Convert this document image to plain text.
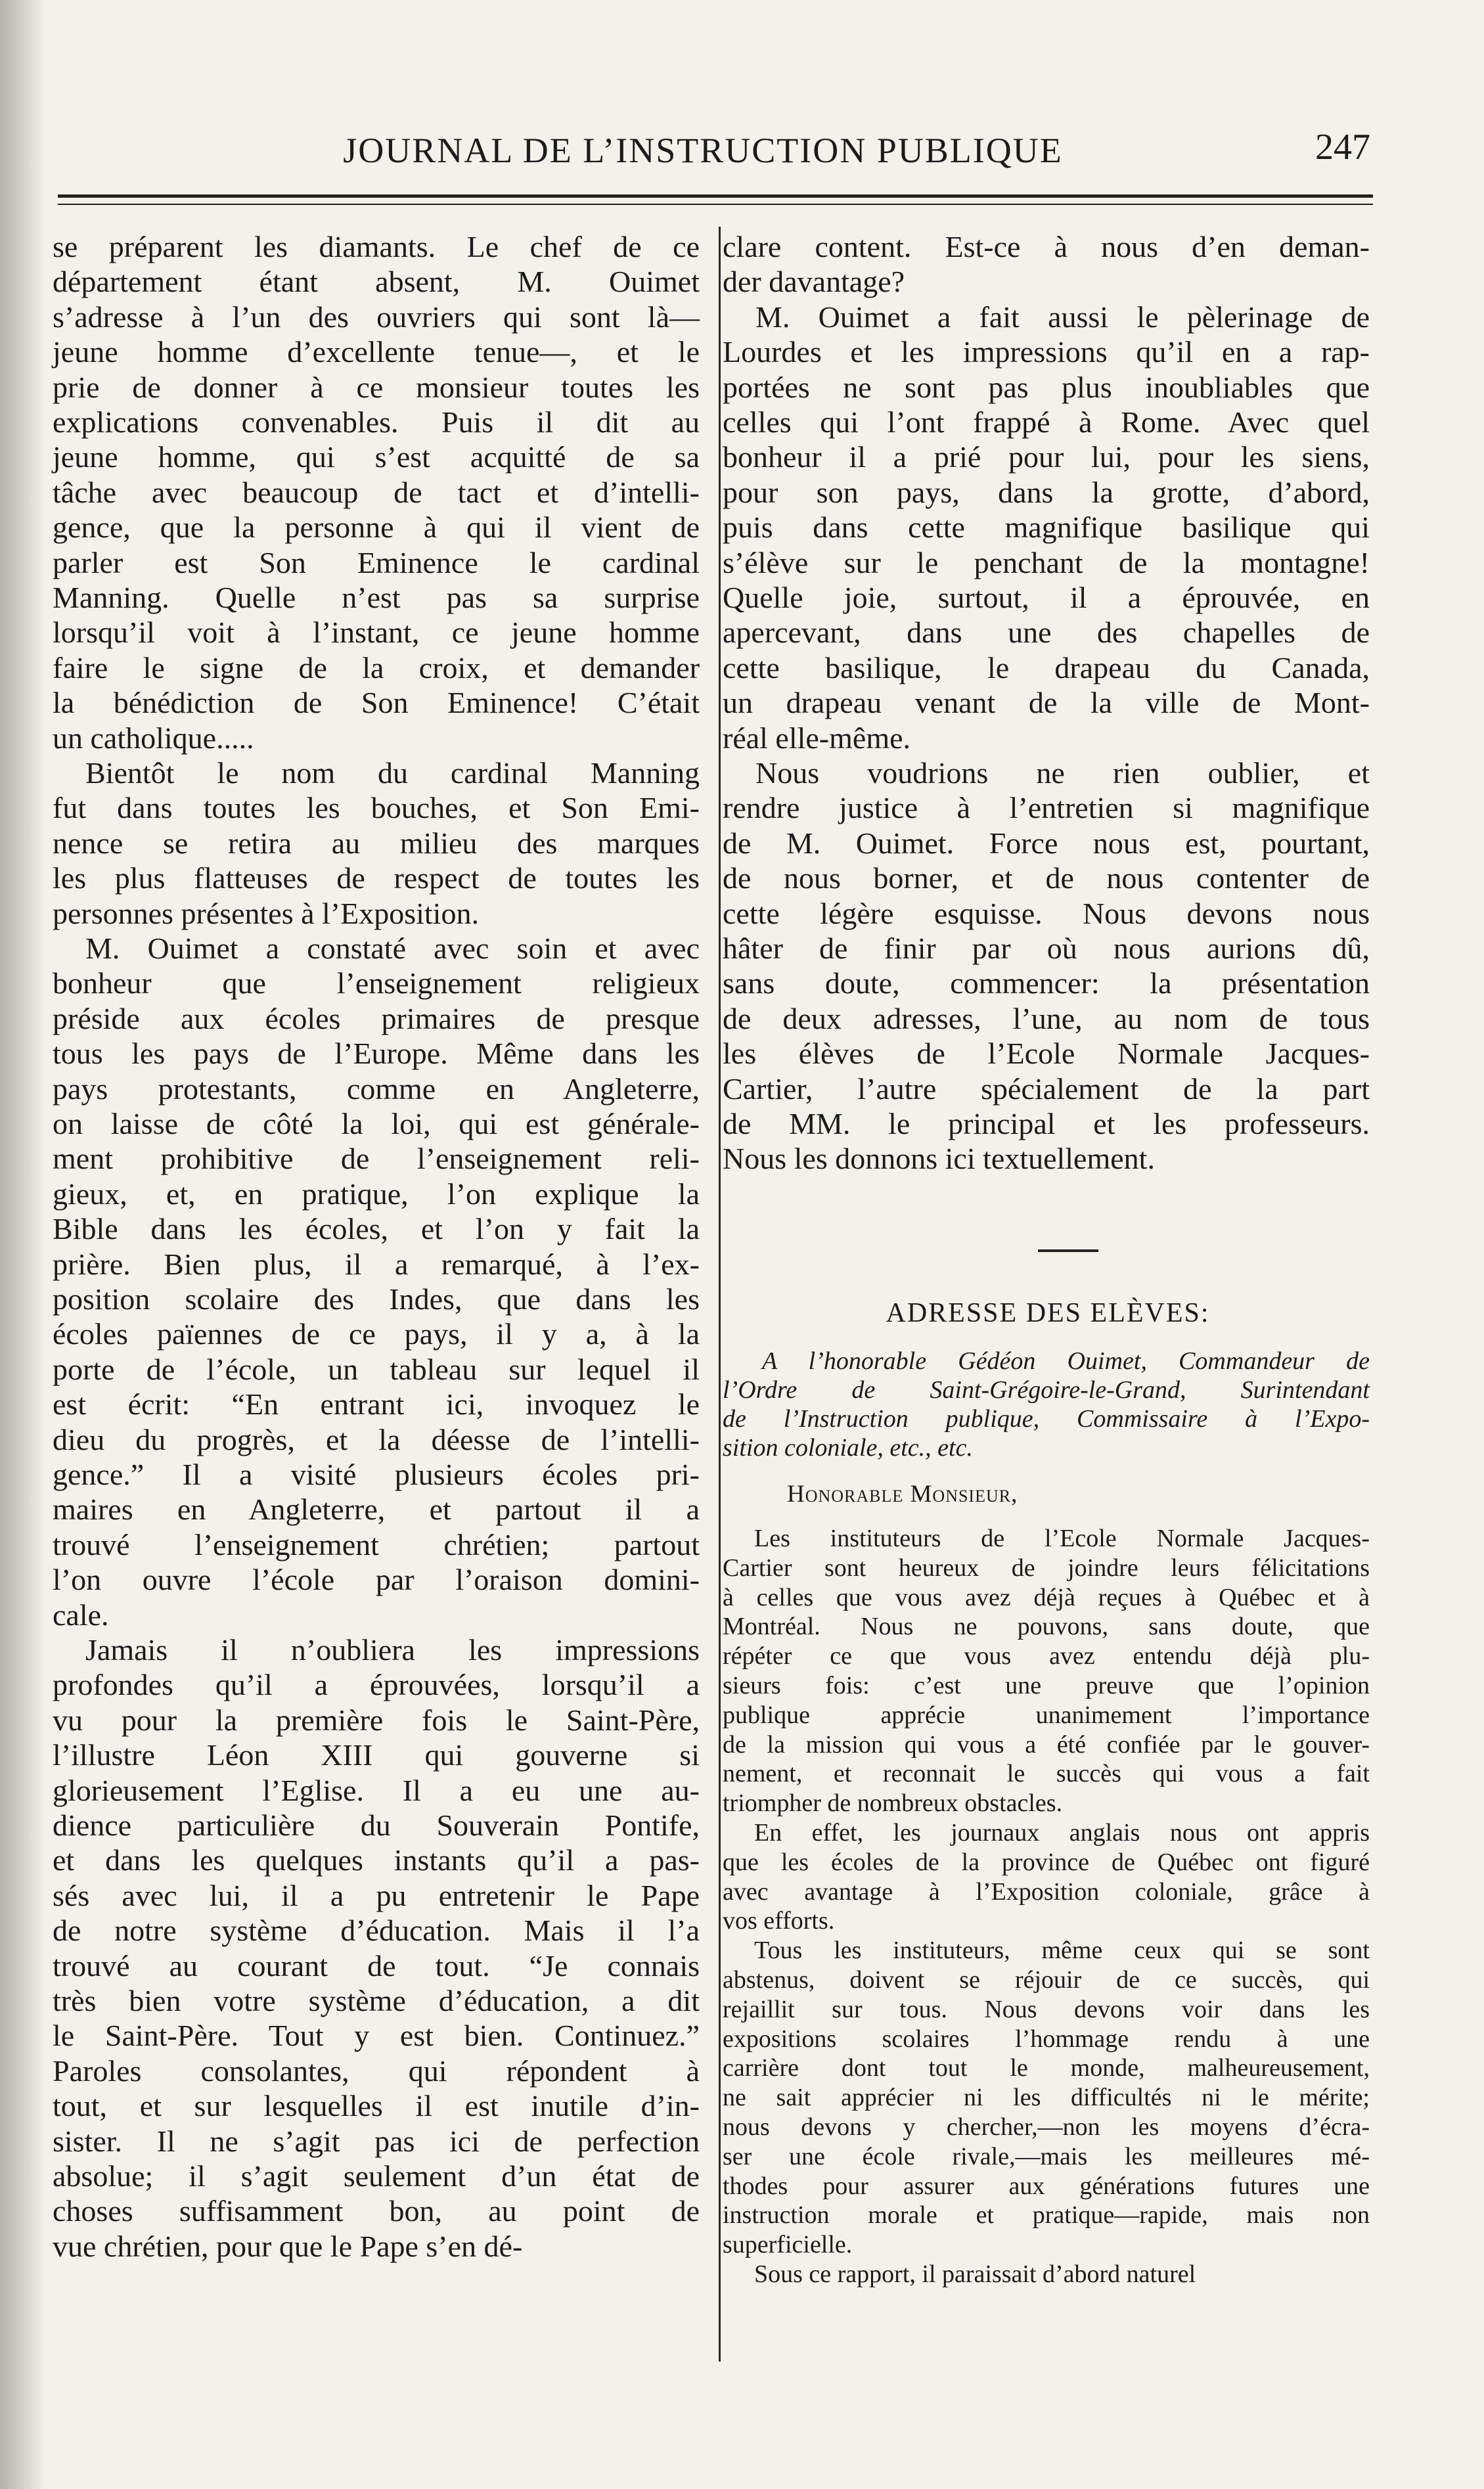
JOURNAL DE L’INSTRUCTION PUBLIQUE	247
se préparent les diamants. Le chef de ce
département étant absent, M. Ouimet
s’adresse à l’un des ouvriers qui sont là—
jeune homme d’excellente tenue—, et le
prie de donner à ce monsieur toutes les
explications convenables. Puis il dit au
jeune homme, qui s’est acquitté de sa
tâche avec beaucoup de tact et d’intelli-
gence, que la personne à qui il vient de
parler est Son Eminence le cardinal
Manning. Quelle n’est pas sa surprise
lorsqu’il voit à l’instant, ce jeune homme
faire le signe de la croix, et demander
la bénédiction de Son Eminence! C’était
un catholique.....
Bientôt le nom du cardinal Manning
fut dans toutes les bouches, et Son Emi-
nence se retira au milieu des marques
les plus flatteuses de respect de toutes les
personnes présentes à l’Exposition.
M. Ouimet a constaté avec soin et avec
bonheur que l’enseignement religieux
préside aux écoles primaires de presque
tous les pays de l’Europe. Même dans les
pays protestants, comme en Angleterre,
on laisse de côté la loi, qui est générale-
ment prohibitive de l’enseignement reli-
gieux, et, en pratique, l’on explique la
Bible dans les écoles, et l’on y fait la
prière. Bien plus, il a remarqué, à l’ex-
position scolaire des Indes, que dans les
écoles païennes de ce pays, il y a, à la
porte de l’école, un tableau sur lequel il
est écrit: “En entrant ici, invoquez le
dieu du progrès, et la déesse de l’intelli-
gence.” Il a visité plusieurs écoles pri-
maires en Angleterre, et partout il a
trouvé l’enseignement chrétien; partout
l’on ouvre l’école par l’oraison domini-
cale.
Jamais il n’oubliera les impressions
profondes qu’il a éprouvées, lorsqu’il a
vu pour la première fois le Saint-Père,
l’illustre Léon XIII qui gouverne si
glorieusement l’Eglise. Il a eu une au-
dience particulière du Souverain Pontife,
et dans les quelques instants qu’il a pas-
sés avec lui, il a pu entretenir le Pape
de notre système d’éducation. Mais il l’a
trouvé au courant de tout. “Je connais
très bien votre système d’éducation, a dit
le Saint-Père. Tout y est bien. Continuez.”
Paroles consolantes, qui répondent à
tout, et sur lesquelles il est inutile d’in-
sister. Il ne s’agit pas ici de perfection
absolue; il s’agit seulement d’un état de
choses suffisamment bon, au point de
vue chrétien, pour que le Pape s’en dé-
clare content. Est-ce à nous d’en deman-
der davantage?
M. Ouimet a fait aussi le pèlerinage de
Lourdes et les impressions qu’il en a rap-
portées ne sont pas plus inoubliables que
celles qui l’ont frappé à Rome. Avec quel
bonheur il a prié pour lui, pour les siens,
pour son pays, dans la grotte, d’abord,
puis dans cette magnifique basilique qui
s’élève sur le penchant de la montagne!
Quelle joie, surtout, il a éprouvée, en
apercevant, dans une des chapelles de
cette basilique, le drapeau du Canada,
un drapeau venant de la ville de Mont-
réal elle-même.
Nous voudrions ne rien oublier, et
rendre justice à l’entretien si magnifique
de M. Ouimet. Force nous est, pourtant,
de nous borner, et de nous contenter de
cette légère esquisse. Nous devons nous
hâter de finir par où nous aurions dû,
sans doute, commencer: la présentation
de deux adresses, l’une, au nom de tous
les élèves de l’Ecole Normale Jacques-
Cartier, l’autre spécialement de la part
de MM. le principal et les professeurs.
Nous les donnons ici textuellement.
ADRESSE DES ELÈVES:
A l’honorable Gédéon Ouimet, Commandeur de
l’Ordre de Saint-Grégoire-le-Grand, Surintendant
de l’Instruction publique, Commissaire à l’Expo-
sition coloniale, etc., etc.
Honorable Monsieur,
Les instituteurs de l’Ecole Normale Jacques-
Cartier sont heureux de joindre leurs félicitations
à celles que vous avez déjà reçues à Québec et à
Montréal. Nous ne pouvons, sans doute, que
répéter ce que vous avez entendu déjà plu-
sieurs fois: c’est une preuve que l’opinion
publique apprécie unanimement l’importance
de la mission qui vous a été confiée par le gouver-
nement, et reconnait le succès qui vous a fait
triompher de nombreux obstacles.
En effet, les journaux anglais nous ont appris
que les écoles de la province de Québec ont figuré
avec avantage à l’Exposition coloniale, grâce à
vos efforts.
Tous les instituteurs, même ceux qui se sont
abstenus, doivent se réjouir de ce succès, qui
rejaillit sur tous. Nous devons voir dans les
expositions scolaires l’hommage rendu à une
carrière dont tout le monde, malheureusement,
ne sait apprécier ni les difficultés ni le mérite;
nous devons y chercher,—non les moyens d’écra-
ser une école rivale,—mais les meilleures mé-
thodes pour assurer aux générations futures une
instruction morale et pratique—rapide, mais non
superficielle.
Sous ce rapport, il paraissait d’abord naturel
